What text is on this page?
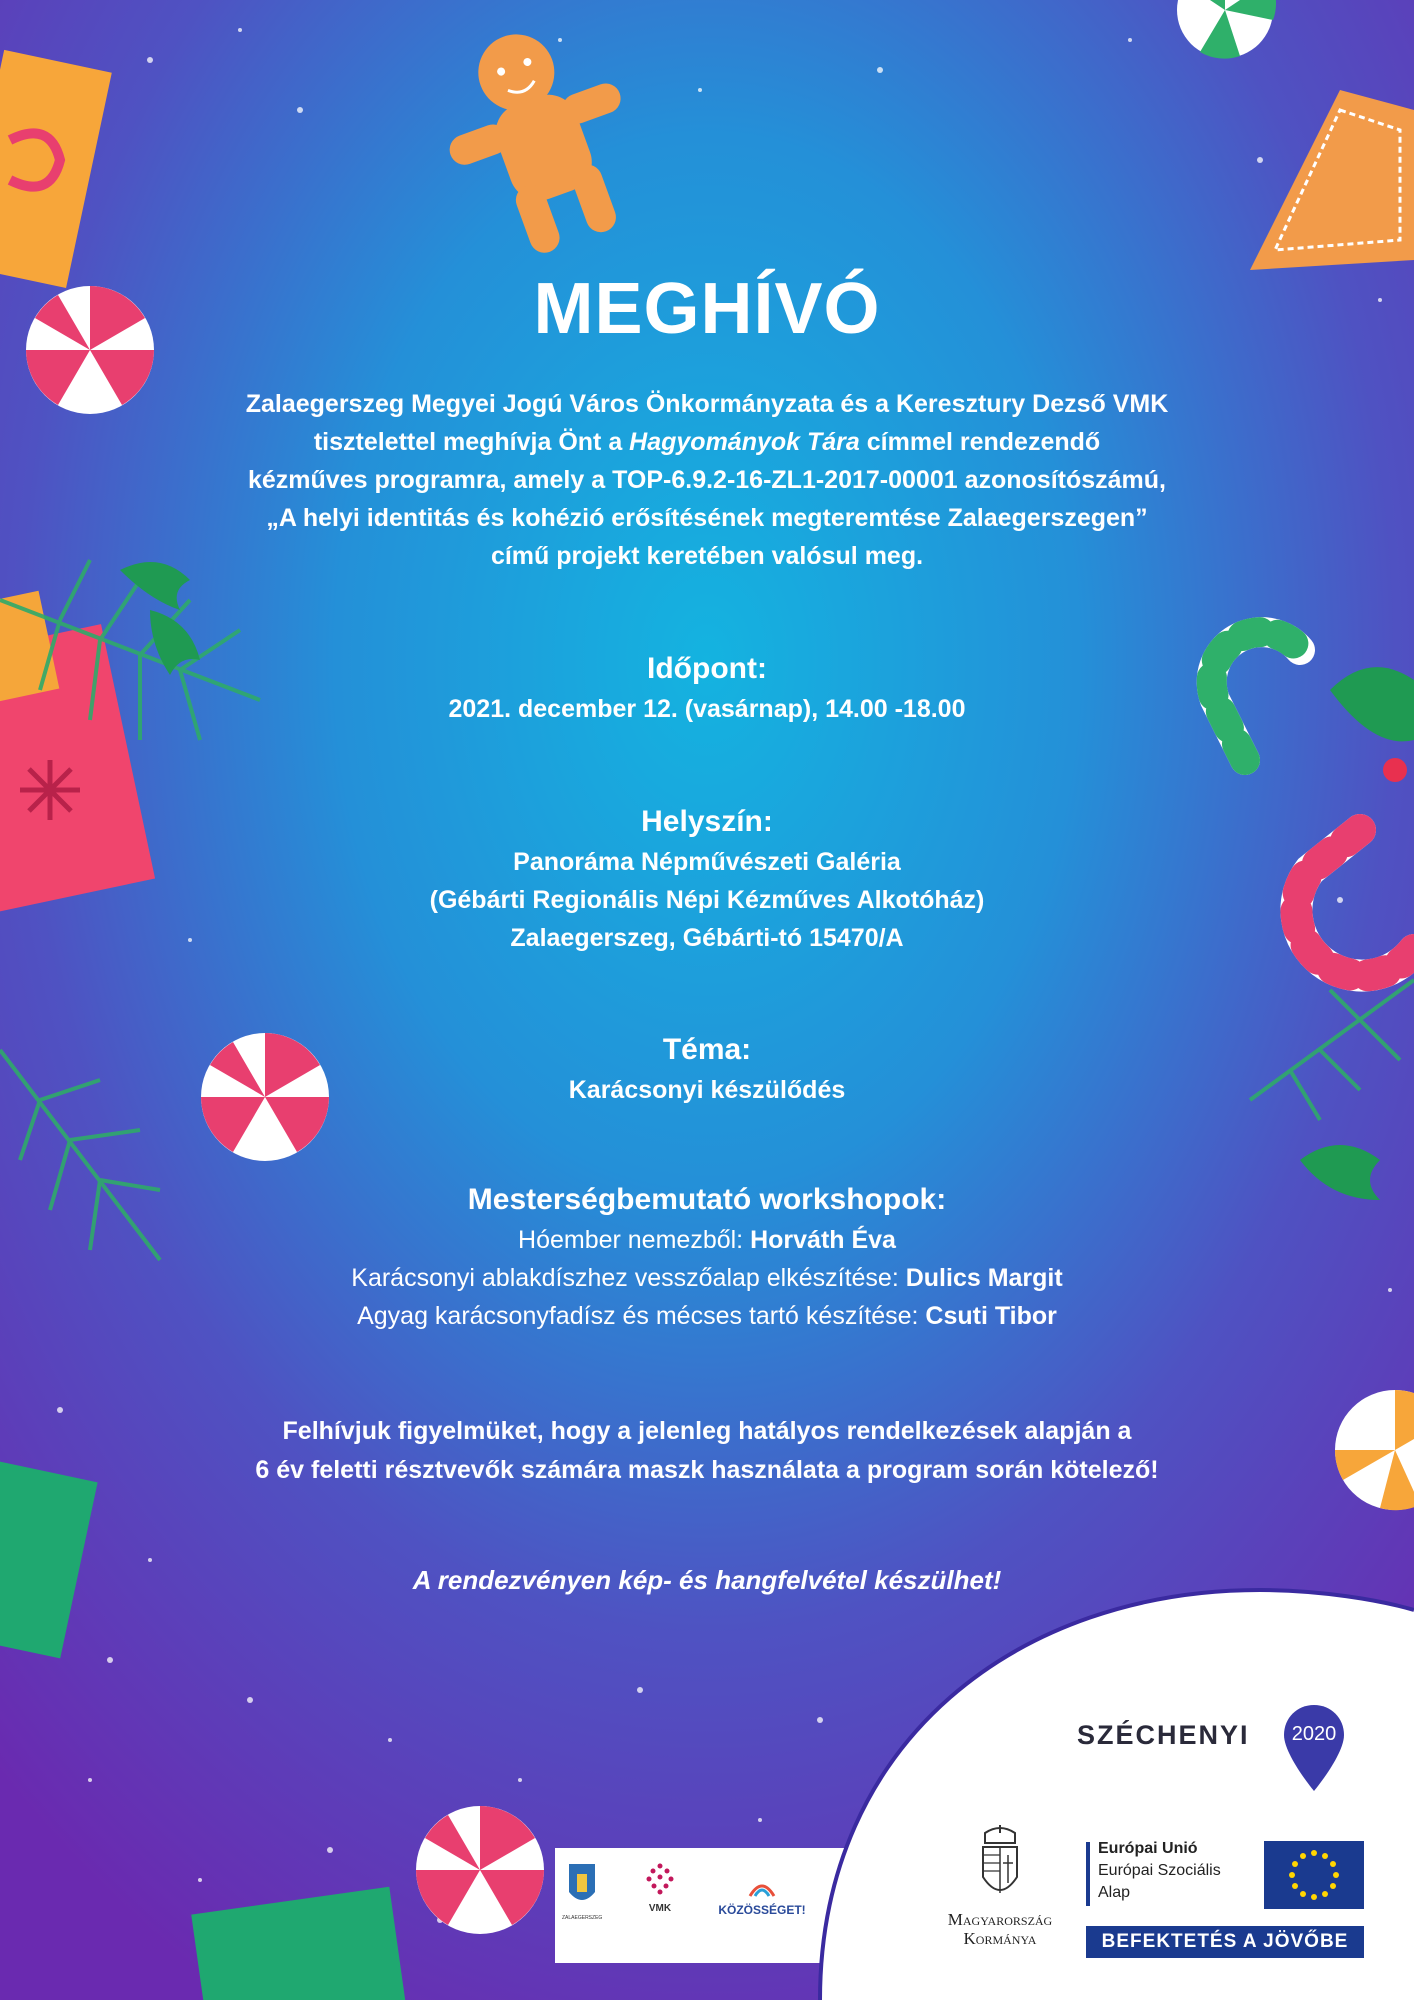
MEGHÍVÓ
Zalaegerszeg Megyei Jogú Város Önkormányzata és a Keresztury Dezső VMK
tisztelettel meghívja Önt a Hagyományok Tára címmel rendezendő
kézműves programra, amely a TOP-6.9.2-16-ZL1-2017-00001 azonosítószámú,
„A helyi identitás és kohézió erősítésének megteremtése Zalaegerszegen”
című projekt keretében valósul meg.
Időpont:
2021. december 12. (vasárnap), 14.00 -18.00
Helyszín:
Panoráma Népművészeti Galéria
(Gébárti Regionális Népi Kézműves Alkotóház)
Zalaegerszeg, Gébárti-tó 15470/A
Téma:
Karácsonyi készülődés
Mesterségbemutató workshopok:
Hóember nemezből: Horváth Éva
Karácsonyi ablakdíszhez vesszőalap elkészítése: Dulics Margit
Agyag karácsonyfadísz és mécses tartó készítése: Csuti Tibor
Felhívjuk figyelmüket, hogy a jelenleg hatályos rendelkezések alapján a
6 év feletti résztvevők számára maszk használata a program során kötelező!
A rendezvényen kép- és hangfelvétel készülhet!
ZALAEGERSZEG
VMK	KÖZÖSSÉGET!
SZÉCHENYI 2020
Magyarország
Kormánya
Európai Unió
Európai Szociális
Alap
BEFEKTETÉS A JÖVŐBE
